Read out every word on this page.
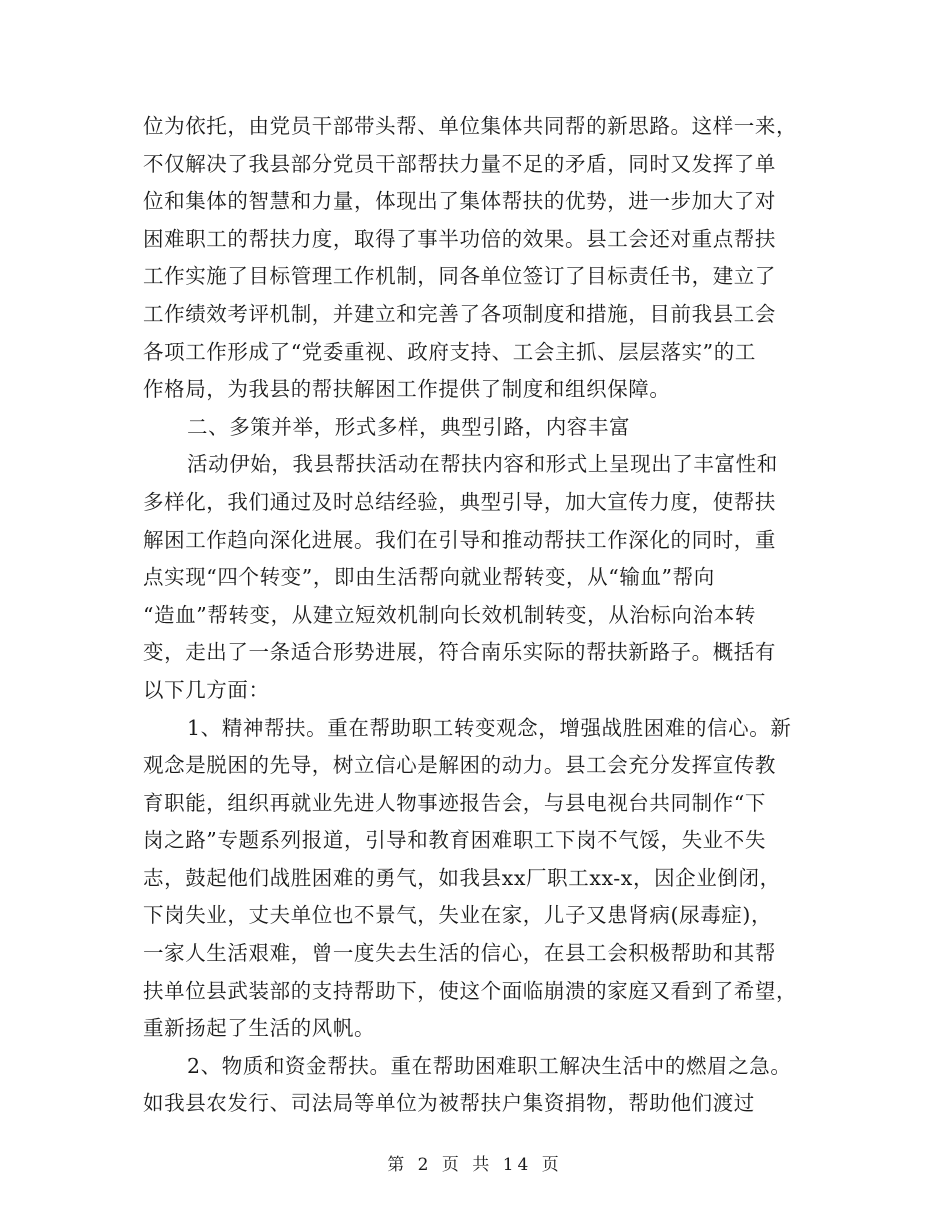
位为依托，由党员干部带头帮、单位集体共同帮的新思路。这样一来，
不仅解决了我县部分党员干部帮扶力量不足的矛盾，同时又发挥了单
位和集体的智慧和力量，体现出了集体帮扶的优势，进一步加大了对
困难职工的帮扶力度，取得了事半功倍的效果。县工会还对重点帮扶
工作实施了目标管理工作机制，同各单位签订了目标责任书，建立了
工作绩效考评机制，并建立和完善了各项制度和措施，目前我县工会
各项工作形成了“党委重视、政府支持、工会主抓、层层落实”的工
作格局，为我县的帮扶解困工作提供了制度和组织保障。
二、多策并举，形式多样，典型引路，内容丰富
活动伊始，我县帮扶活动在帮扶内容和形式上呈现出了丰富性和
多样化，我们通过及时总结经验，典型引导，加大宣传力度，使帮扶
解困工作趋向深化进展。我们在引导和推动帮扶工作深化的同时，重
点实现“四个转变”，即由生活帮向就业帮转变，从“输血”帮向
“造血”帮转变，从建立短效机制向长效机制转变，从治标向治本转
变，走出了一条适合形势进展，符合南乐实际的帮扶新路子。概括有
以下几方面：
1、精神帮扶。重在帮助职工转变观念，增强战胜困难的信心。新
观念是脱困的先导，树立信心是解困的动力。县工会充分发挥宣传教
育职能，组织再就业先进人物事迹报告会，与县电视台共同制作“下
岗之路”专题系列报道，引导和教育困难职工下岗不气馁，失业不失
志，鼓起他们战胜困难的勇气，如我县xx厂职工xx-x，因企业倒闭，
下岗失业，丈夫单位也不景气，失业在家，儿子又患肾病(尿毒症)，
一家人生活艰难，曾一度失去生活的信心，在县工会积极帮助和其帮
扶单位县武装部的支持帮助下，使这个面临崩溃的家庭又看到了希望，
重新扬起了生活的风帆。
2、物质和资金帮扶。重在帮助困难职工解决生活中的燃眉之急。
如我县农发行、司法局等单位为被帮扶户集资捐物，帮助他们渡过
第 2 页 共 14 页
